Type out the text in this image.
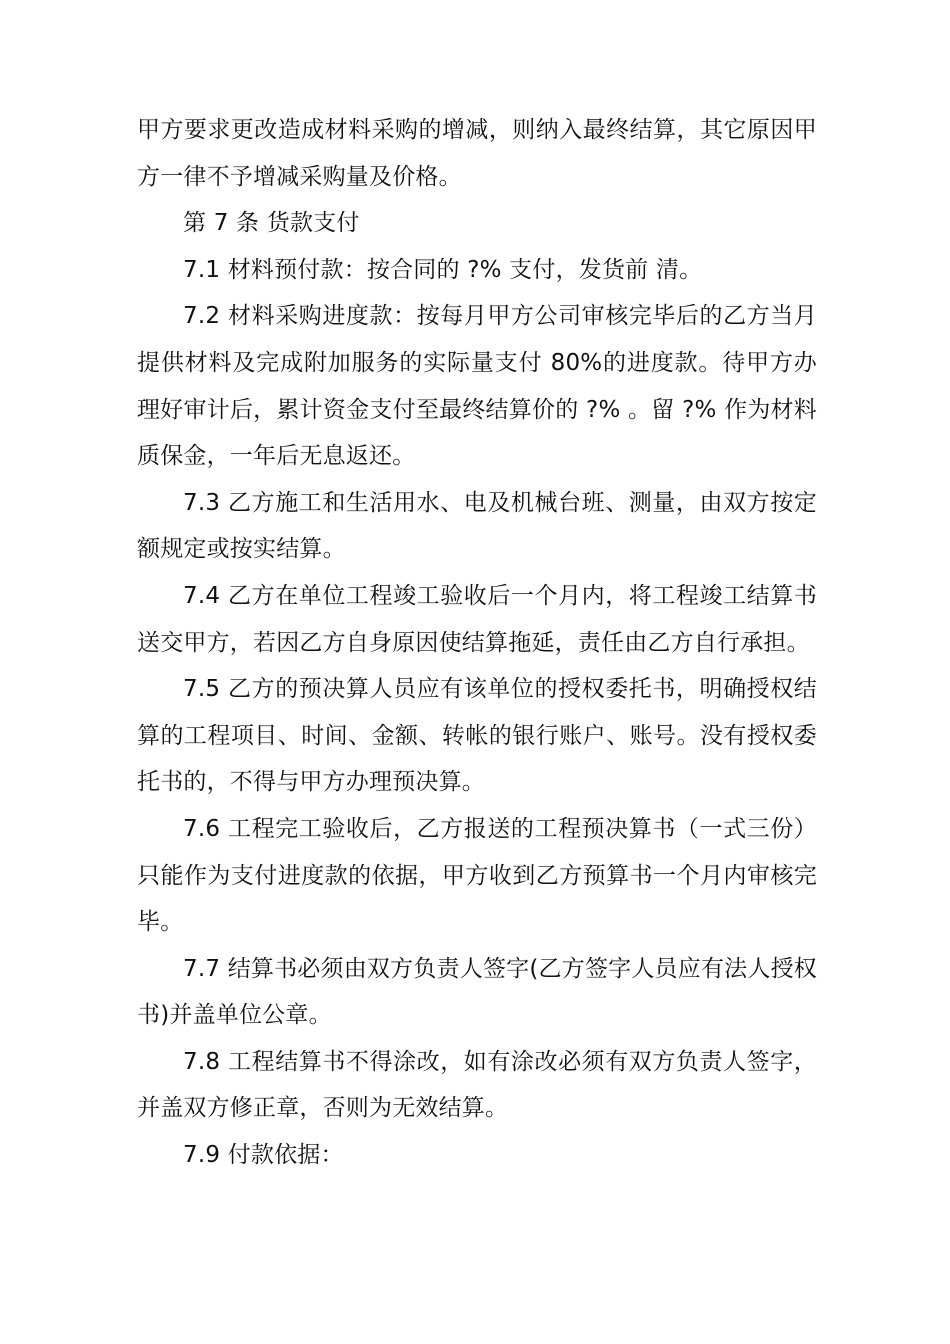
甲方要求更改造成材料采购的增减，则纳入最终结算，其它原因甲方一律不予增减采购量及价格。

第 7 条 货款支付

7.1 材料预付款：按合同的 ?% 支付，发货前 清。

7.2 材料采购进度款：按每月甲方公司审核完毕后的乙方当月提供材料及完成附加服务的实际量支付 80%的进度款。待甲方办理好审计后，累计资金支付至最终结算价的 ?% 。留 ?% 作为材料质保金，一年后无息返还。

7.3 乙方施工和生活用水、电及机械台班、测量，由双方按定额规定或按实结算。

7.4 乙方在单位工程竣工验收后一个月内，将工程竣工结算书送交甲方，若因乙方自身原因使结算拖延，责任由乙方自行承担。

7.5 乙方的预决算人员应有该单位的授权委托书，明确授权结算的工程项目、时间、金额、转帐的银行账户、账号。没有授权委托书的，不得与甲方办理预决算。

7.6 工程完工验收后，乙方报送的工程预决算书（一式三份）只能作为支付进度款的依据，甲方收到乙方预算书一个月内审核完毕。

7.7 结算书必须由双方负责人签字(乙方签字人员应有法人授权书)并盖单位公章。

7.8 工程结算书不得涂改，如有涂改必须有双方负责人签字，并盖双方修正章，否则为无效结算。

7.9 付款依据：
